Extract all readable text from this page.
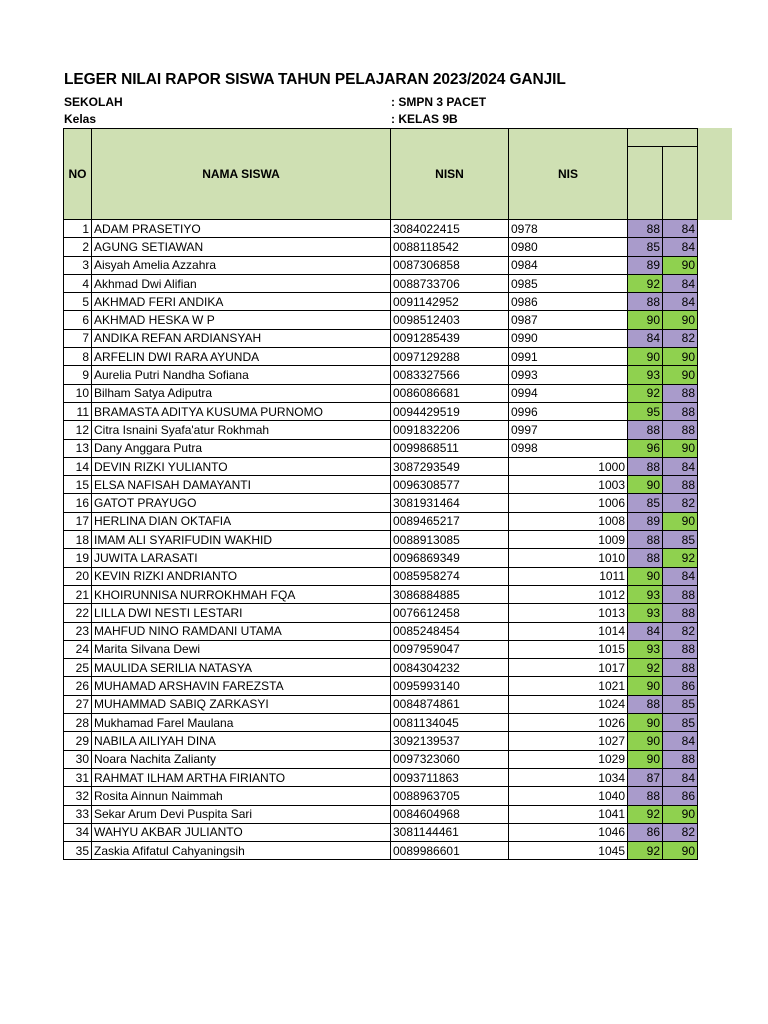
LEGER NILAI RAPOR SISWA TAHUN PELAJARAN 2023/2024 GANJIL
SEKOLAH	: SMPN 3 PACET
Kelas	: KELAS 9B
NO	NAMA SISWA	NISN	NIS		

1	ADAM PRASETIYO	3084022415	0978	88	84
2	AGUNG SETIAWAN	0088118542	0980	85	84
3	Aisyah Amelia Azzahra	0087306858	0984	89	90
4	Akhmad Dwi Alifian	0088733706	0985	92	84
5	AKHMAD FERI ANDIKA	0091142952	0986	88	84
6	AKHMAD HESKA W P	0098512403	0987	90	90
7	ANDIKA REFAN ARDIANSYAH	0091285439	0990	84	82
8	ARFELIN DWI RARA AYUNDA	0097129288	0991	90	90
9	Aurelia Putri Nandha Sofiana	0083327566	0993	93	90
10	Bilham Satya Adiputra	0086086681	0994	92	88
11	BRAMASTA ADITYA KUSUMA PURNOMO	0094429519	0996	95	88
12	Citra Isnaini Syafa'atur Rokhmah	0091832206	0997	88	88
13	Dany Anggara Putra	0099868511	0998	96	90
14	DEVIN RIZKI YULIANTO	3087293549	1000	88	84
15	ELSA NAFISAH DAMAYANTI	0096308577	1003	90	88
16	GATOT PRAYUGO	3081931464	1006	85	82
17	HERLINA DIAN OKTAFIA	0089465217	1008	89	90
18	IMAM ALI SYARIFUDIN WAKHID	0088913085	1009	88	85
19	JUWITA LARASATI	0096869349	1010	88	92
20	KEVIN RIZKI ANDRIANTO	0085958274	1011	90	84
21	KHOIRUNNISA NURROKHMAH FQA	3086884885	1012	93	88
22	LILLA DWI NESTI LESTARI	0076612458	1013	93	88
23	MAHFUD NINO RAMDANI UTAMA	0085248454	1014	84	82
24	Marita Silvana Dewi	0097959047	1015	93	88
25	MAULIDA SERILIA NATASYA	0084304232	1017	92	88
26	MUHAMAD ARSHAVIN FAREZSTA	0095993140	1021	90	86
27	MUHAMMAD SABIQ ZARKASYI	0084874861	1024	88	85
28	Mukhamad Farel Maulana	0081134045	1026	90	85
29	NABILA AILIYAH DINA	3092139537	1027	90	84
30	Noara Nachita Zalianty	0097323060	1029	90	88
31	RAHMAT ILHAM ARTHA FIRIANTO	0093711863	1034	87	84
32	Rosita Ainnun Naimmah	0088963705	1040	88	86
33	Sekar Arum Devi Puspita Sari	0084604968	1041	92	90
34	WAHYU AKBAR JULIANTO	3081144461	1046	86	82
35	Zaskia Afifatul Cahyaningsih	0089986601	1045	92	90
